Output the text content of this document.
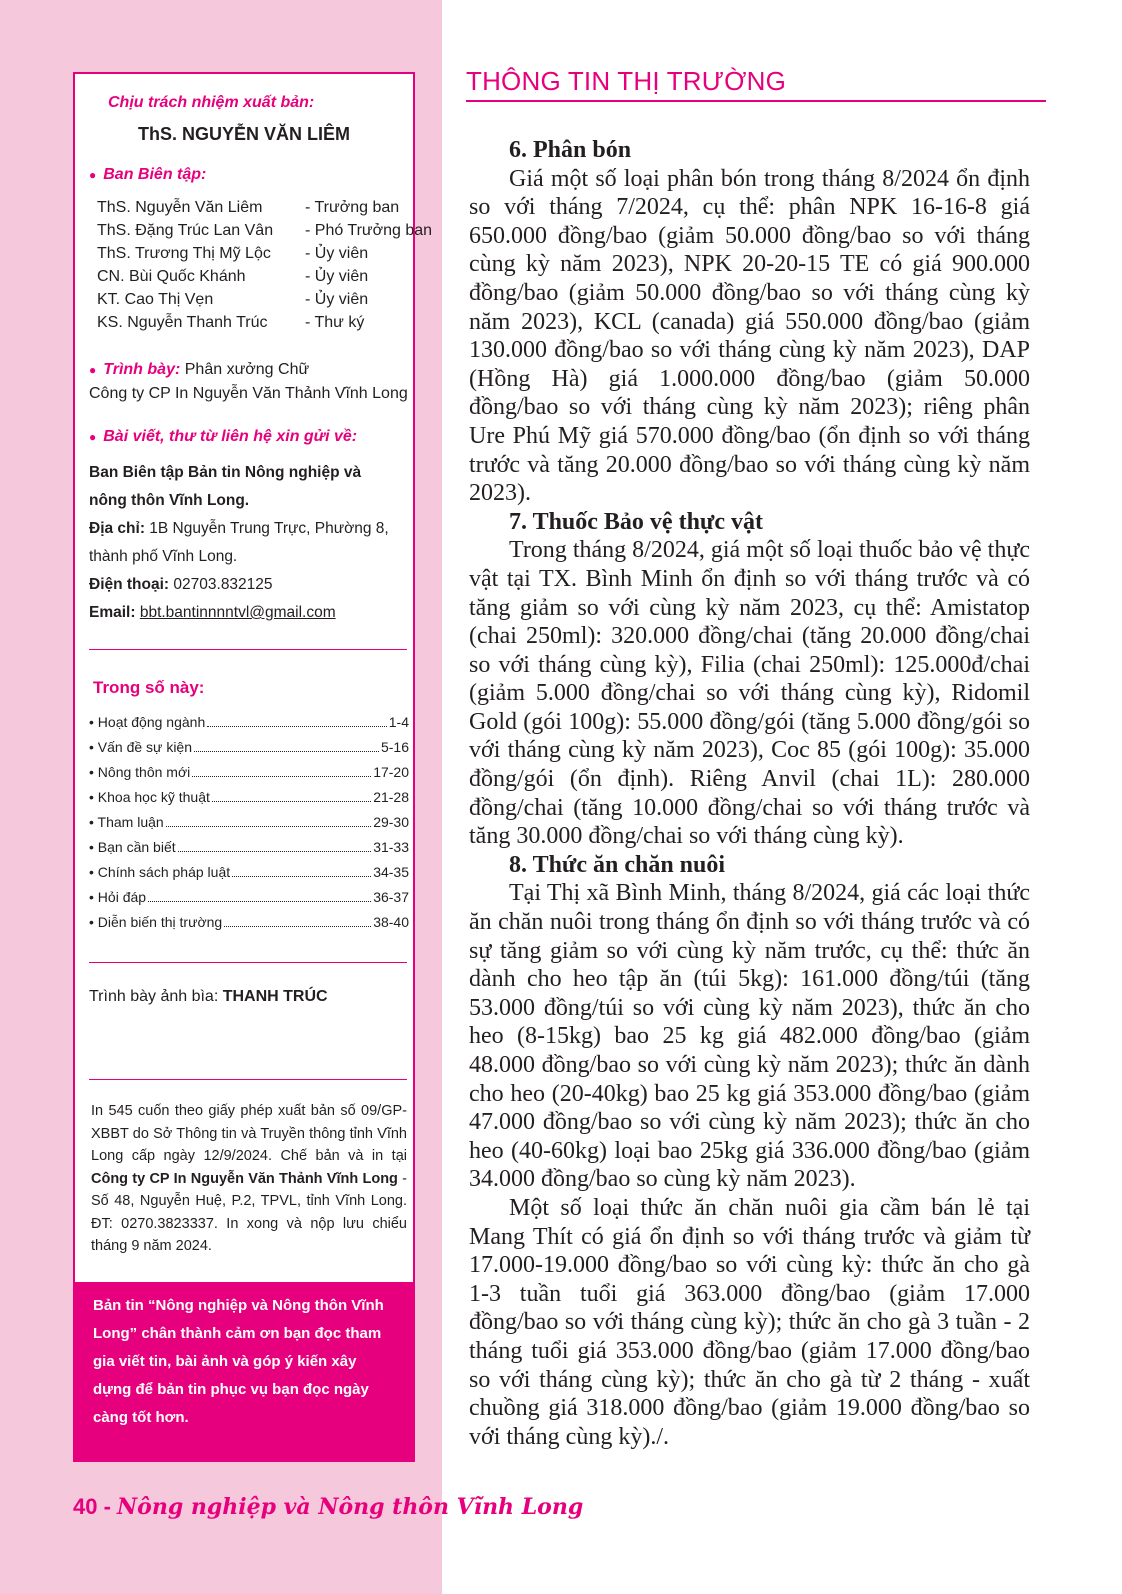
Chịu trách nhiệm xuất bản:
ThS. NGUYỄN VĂN LIÊM
● Ban Biên tập:
ThS. Nguyễn Văn Liêm	- Trưởng ban
ThS. Đặng Trúc Lan Vân	- Phó Trưởng ban
ThS. Trương Thị Mỹ Lộc	- Ủy viên
CN. Bùi Quốc Khánh	- Ủy viên
KT. Cao Thị Vẹn	- Ủy viên
KS. Nguyễn Thanh Trúc	- Thư ký
● Trình bày: Phân xưởng Chữ
Công ty CP In Nguyễn Văn Thảnh Vĩnh Long
● Bài viết, thư từ liên hệ xin gửi về:
Ban Biên tập Bản tin Nông nghiệp và
nông thôn Vĩnh Long.
Địa chỉ: 1B Nguyễn Trung Trực, Phường 8,
thành phố Vĩnh Long.
Điện thoại: 02703.832125
Email: bbt.bantinnnntvl@gmail.com
Trong số này:
• Hoạt động ngành	1-4
• Vấn đề sự kiện	5-16
• Nông thôn mới	17-20
• Khoa học kỹ thuật	21-28
• Tham luận	29-30
• Bạn cần biết	31-33
• Chính sách pháp luật	34-35
• Hỏi đáp	36-37
• Diễn biến thị trường	38-40
Trình bày ảnh bìa: THANH TRÚC
In 545 cuốn theo giấy phép xuất bản số 09/GP-XBBT do Sở Thông tin và Truyền thông tỉnh Vĩnh Long cấp ngày 12/9/2024. Chế bản và in tại Công ty CP In Nguyễn Văn Thảnh Vĩnh Long - Số 48, Nguyễn Huệ, P.2, TPVL, tỉnh Vĩnh Long. ĐT: 0270.3823337. In xong và nộp lưu chiểu tháng 9 năm 2024.
Bản tin “Nông nghiệp và Nông thôn Vĩnh Long” chân thành cảm ơn bạn đọc tham gia viết tin, bài ảnh và góp ý kiến xây dựng để bản tin phục vụ bạn đọc ngày càng tốt hơn.
THÔNG TIN THỊ TRƯỜNG
6. Phân bón

Giá một số loại phân bón trong tháng 8/2024 ổn định so với tháng 7/2024, cụ thể: phân NPK 16-16-8 giá 650.000 đồng/bao (giảm 50.000 đồng/bao so với tháng cùng kỳ năm 2023), NPK 20-20-15 TE có giá 900.000 đồng/bao (giảm 50.000 đồng/bao so với tháng cùng kỳ năm 2023), KCL (canada) giá 550.000 đồng/bao (giảm 130.000 đồng/bao so với tháng cùng kỳ năm 2023), DAP (Hồng Hà) giá 1.000.000 đồng/bao (giảm 50.000 đồng/bao so với tháng cùng kỳ năm 2023); riêng phân Ure Phú Mỹ giá 570.000 đồng/bao (ổn định so với tháng trước và tăng 20.000 đồng/bao so với tháng cùng kỳ năm 2023).

7. Thuốc Bảo vệ thực vật

Trong tháng 8/2024, giá một số loại thuốc bảo vệ thực vật tại TX. Bình Minh ổn định so với tháng trước và có tăng giảm so với cùng kỳ năm 2023, cụ thể: Amistatop (chai 250ml): 320.000 đồng/chai (tăng 20.000 đồng/chai so với tháng cùng kỳ), Filia (chai 250ml): 125.000đ/chai (giảm 5.000 đồng/chai so với tháng cùng kỳ), Ridomil Gold (gói 100g): 55.000 đồng/gói (tăng 5.000 đồng/gói so với tháng cùng kỳ năm 2023), Coc 85 (gói 100g): 35.000 đồng/gói (ổn định). Riêng Anvil (chai 1L): 280.000 đồng/chai (tăng 10.000 đồng/chai so với tháng trước và tăng 30.000 đồng/chai so với tháng cùng kỳ).

8. Thức ăn chăn nuôi

Tại Thị xã Bình Minh, tháng 8/2024, giá các loại thức ăn chăn nuôi trong tháng ổn định so với tháng trước và có sự tăng giảm so với cùng kỳ năm trước, cụ thể: thức ăn dành cho heo tập ăn (túi 5kg): 161.000 đồng/túi (tăng 53.000 đồng/túi so với cùng kỳ năm 2023), thức ăn cho heo (8-15kg) bao 25 kg giá 482.000 đồng/bao (giảm 48.000 đồng/bao so với cùng kỳ năm 2023); thức ăn dành cho heo (20-40kg) bao 25 kg giá 353.000 đồng/bao (giảm 47.000 đồng/bao so với cùng kỳ năm 2023); thức ăn cho heo (40-60kg) loại bao 25kg giá 336.000 đồng/bao (giảm 34.000 đồng/bao so cùng kỳ năm 2023).

Một số loại thức ăn chăn nuôi gia cầm bán lẻ tại Mang Thít có giá ổn định so với tháng trước và giảm từ 17.000-19.000 đồng/bao so với cùng kỳ: thức ăn cho gà 1-3 tuần tuổi giá 363.000 đồng/bao (giảm 17.000 đồng/bao so với tháng cùng kỳ); thức ăn cho gà 3 tuần - 2 tháng tuổi giá 353.000 đồng/bao (giảm 17.000 đồng/bao so với tháng cùng kỳ); thức ăn cho gà từ 2 tháng - xuất chuồng giá 318.000 đồng/bao (giảm 19.000 đồng/bao so với tháng cùng kỳ)./.

40 - Nông nghiệp và Nông thôn Vĩnh Long
